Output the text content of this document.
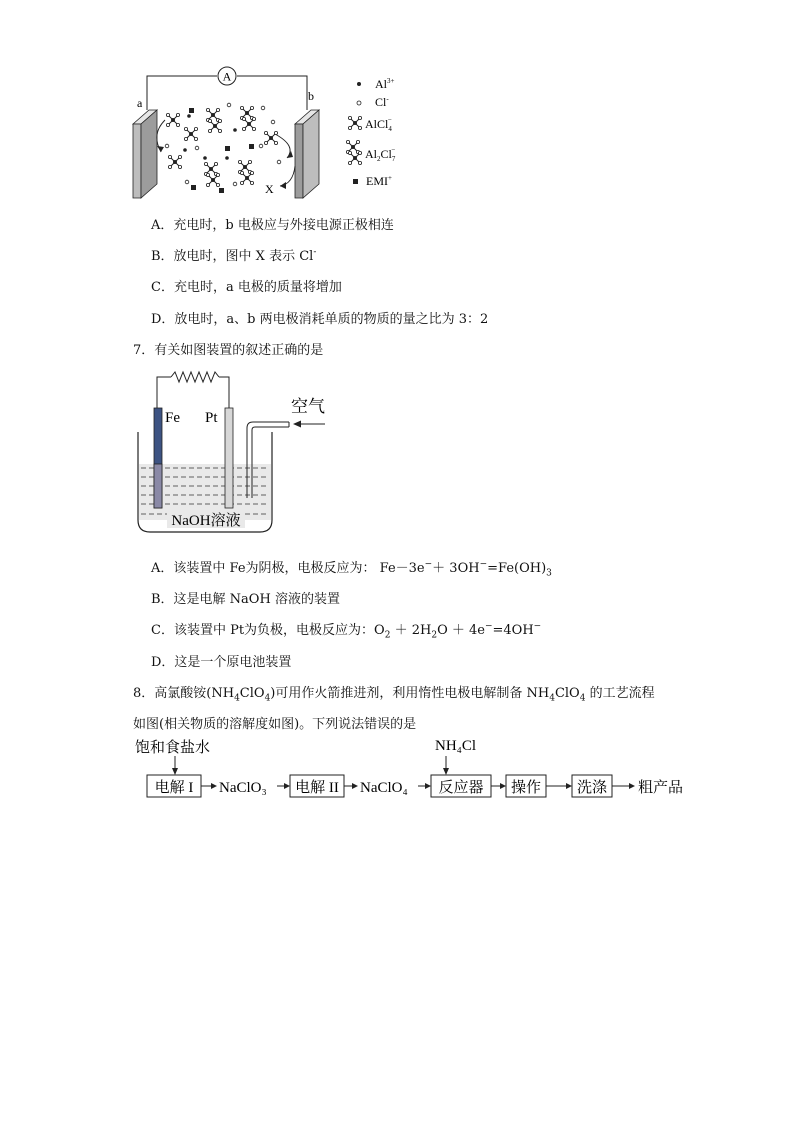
A
a	b
X
$Al^{3+}$
Cl-
AlCl$_4$−
$Al_2Cl_7-$
EMI+
A．充电时，b 电极应与外接电源正极相连
B．放电时，图中 X 表示 Cl-
C．充电时，a 电极的质量将增加
D．放电时，a、b 两电极消耗单质的物质的量之比为 3：2
7．有关如图装置的叙述正确的是
Fe Pt
空气
NaOH溶液
A．该装置中 Fe为阴极，电极反应为： $Fe-3e^-+ 3OH^-=Fe(OH)_3$
B．这是电解 NaOH 溶液的装置
C．该装置中 Pt为负极，电极反应为：$O_2 + 2H_2O + 4e^-=4OH^-$
D．这是一个原电池装置
8．高氯酸铵$(NH_4ClO_4)$可用作火箭推进剂，利用惰性电极电解制备 $NH_4ClO_4$ 的工艺流程
如图(相关物质的溶解度如图)。下列说法错误的是
饱和食盐水	NH₄Cl
电解 I NaClO₃ 电解 II NaClO₄ 反应器 操作 洗涤 粗产品
